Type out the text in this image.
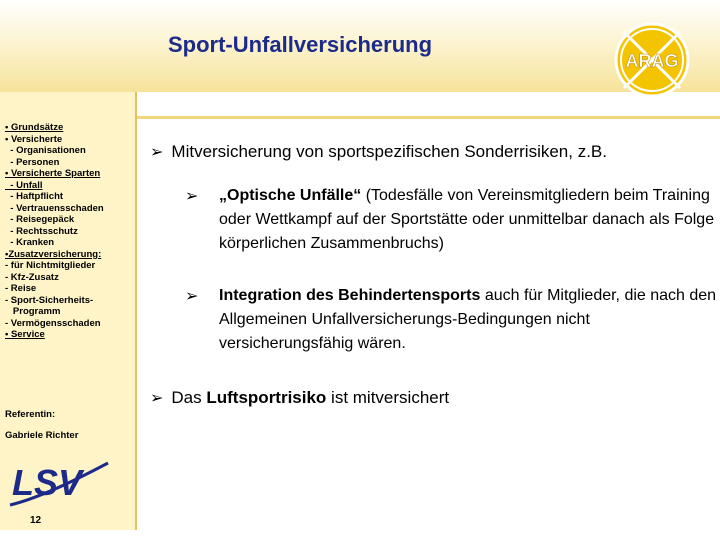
Sport-Unfallversicherung
ARAG
• Grundsätze
• Versicherte
- Organisationen
- Personen
• Versicherte Sparten
- Unfall
- Haftpflicht
- Vertrauensschaden
- Reisegepäck
- Rechtsschutz
- Kranken
•Zusatzversicherung:
- für Nichtmitglieder
- Kfz-Zusatz
- Reise
- Sport-Sicherheits-
Programm
- Vermögensschaden
• Service
Referentin:
Gabriele Richter
LSV
12
➢ Mitversicherung von sportspezifischen Sonderrisiken, z.B.
➢	„Optische Unfälle“ (Todesfälle von Vereinsmitgliedern beim Training oder Wettkampf auf der Sportstätte oder unmittelbar danach als Folge körperlichen Zusammenbruchs)
➢	Integration des Behindertensports auch für Mitglieder, die nach den Allgemeinen Unfallversicherungs-Bedingungen nicht versicherungsfähig wären.
➢ Das Luftsportrisiko ist mitversichert
